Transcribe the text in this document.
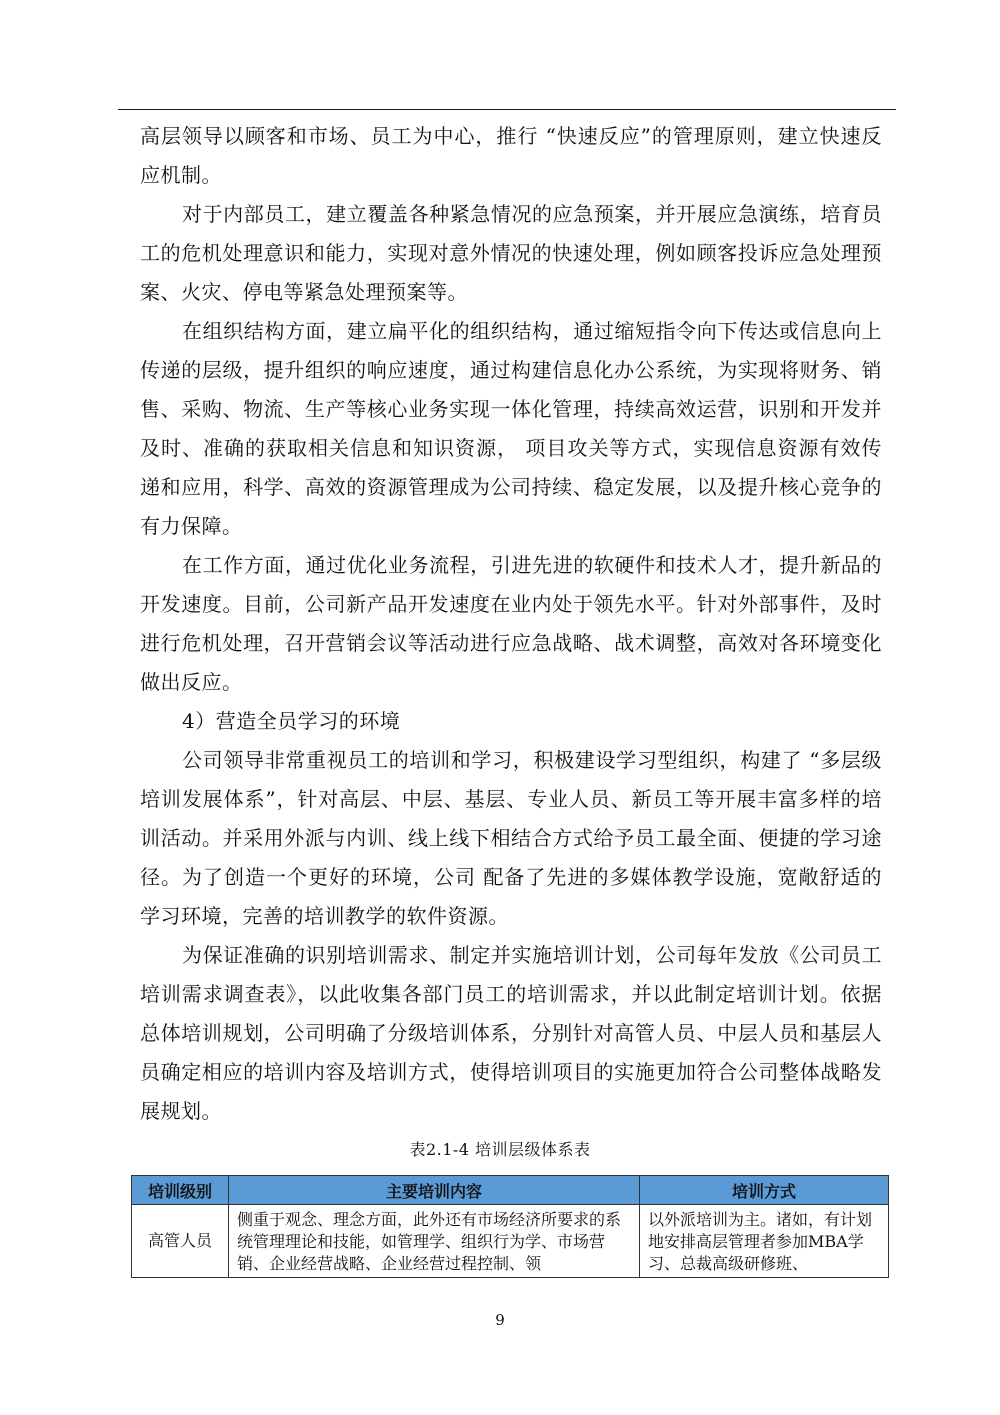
高层领导以顾客和市场、员工为中心，推行 “快速反应”的管理原则，建立快速反应机制。

对于内部员工，建立覆盖各种紧急情况的应急预案，并开展应急演练，培育员工的危机处理意识和能力，实现对意外情况的快速处理，例如顾客投诉应急处理预案、火灾、停电等紧急处理预案等。

在组织结构方面，建立扁平化的组织结构，通过缩短指令向下传达或信息向上传递的层级，提升组织的响应速度，通过构建信息化办公系统，为实现将财务、销售、采购、物流、生产等核心业务实现一体化管理，持续高效运营，识别和开发并及时、准确的获取相关信息和知识资源， 项目攻关等方式，实现信息资源有效传递和应用，科学、高效的资源管理成为公司持续、稳定发展，以及提升核心竞争的有力保障。

在工作方面，通过优化业务流程，引进先进的软硬件和技术人才，提升新品的开发速度。目前，公司新产品开发速度在业内处于领先水平。针对外部事件，及时进行危机处理，召开营销会议等活动进行应急战略、战术调整，高效对各环境变化做出反应。

4）营造全员学习的环境

公司领导非常重视员工的培训和学习，积极建设学习型组织，构建了 “多层级培训发展体系”，针对高层、中层、基层、专业人员、新员工等开展丰富多样的培训活动。并采用外派与内训、线上线下相结合方式给予员工最全面、便捷的学习途径。为了创造一个更好的环境，公司 配备了先进的多媒体教学设施，宽敞舒适的学习环境，完善的培训教学的软件资源。

为保证准确的识别培训需求、制定并实施培训计划，公司每年发放《公司员工培训需求调查表》，以此收集各部门员工的培训需求，并以此制定培训计划。依据总体培训规划，公司明确了分级培训体系，分别针对高管人员、中层人员和基层人员确定相应的培训内容及培训方式，使得培训项目的实施更加符合公司整体战略发展规划。

表2.1-4 培训层级体系表
培训级别	主要培训内容	培训方式
高管人员	侧重于观念、理念方面，此外还有市场经济所要求的系统管理理论和技能，如管理学、组织行为学、市场营销、企业经营战略、企业经营过程控制、领	以外派培训为主。诸如，有计划地安排高层管理者参加MBA学习、总裁高级研修班、
9
